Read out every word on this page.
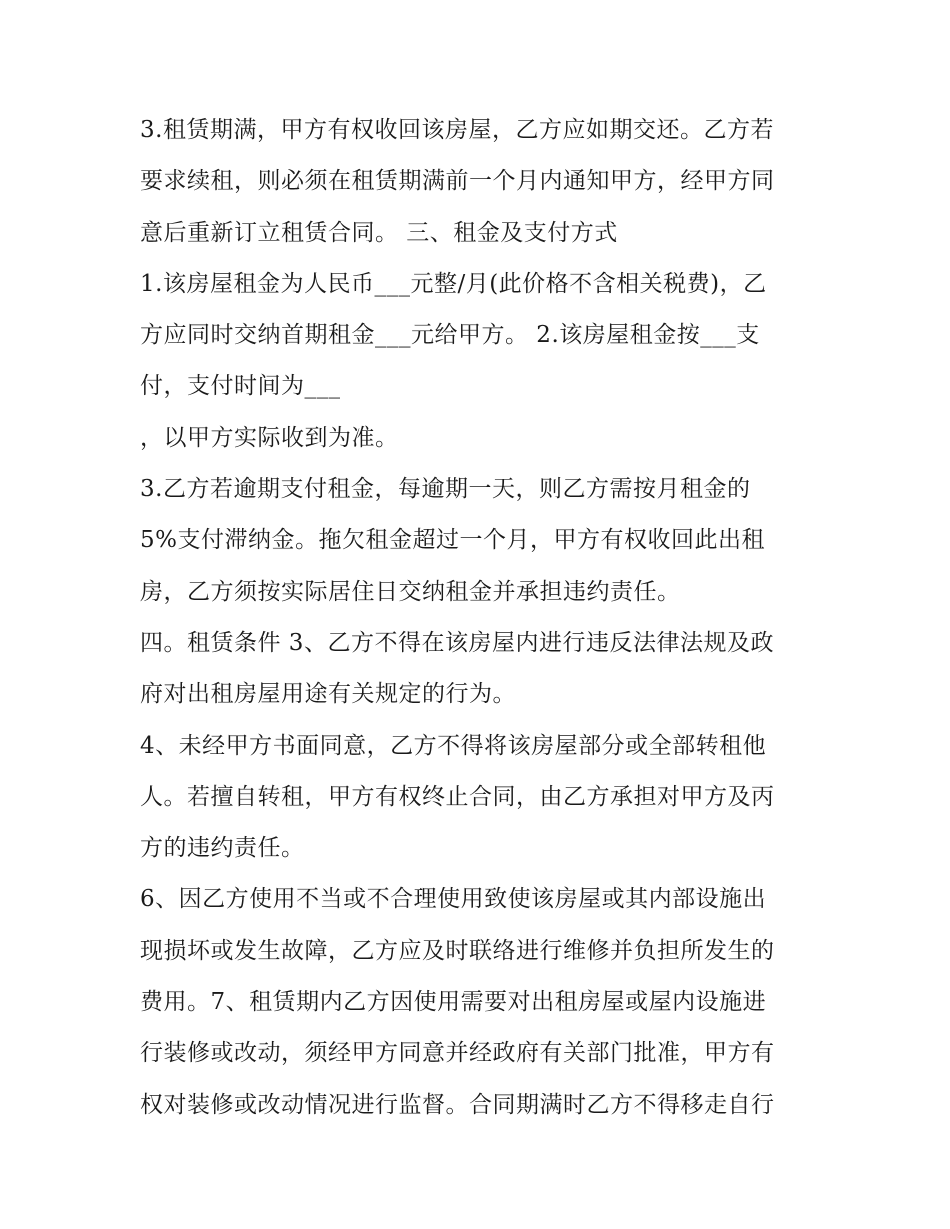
3.租赁期满，甲方有权收回该房屋，乙方应如期交还。乙方若
要求续租，则必须在租赁期满前一个月内通知甲方，经甲方同
意后重新订立租赁合同。 三、租金及支付方式
1.该房屋租金为人民币___元整/月(此价格不含相关税费)，乙
方应同时交纳首期租金___元给甲方。 2.该房屋租金按___支
付，支付时间为___
，以甲方实际收到为准。
3.乙方若逾期支付租金，每逾期一天，则乙方需按月租金的
5%支付滞纳金。拖欠租金超过一个月，甲方有权收回此出租
房，乙方须按实际居住日交纳租金并承担违约责任。
四。租赁条件 3、乙方不得在该房屋内进行违反法律法规及政
府对出租房屋用途有关规定的行为。
4、未经甲方书面同意，乙方不得将该房屋部分或全部转租他
人。若擅自转租，甲方有权终止合同，由乙方承担对甲方及丙
方的违约责任。
6、因乙方使用不当或不合理使用致使该房屋或其内部设施出
现损坏或发生故障，乙方应及时联络进行维修并负担所发生的
费用。7、租赁期内乙方因使用需要对出租房屋或屋内设施进
行装修或改动，须经甲方同意并经政府有关部门批准，甲方有
权对装修或改动情况进行监督。合同期满时乙方不得移走自行
